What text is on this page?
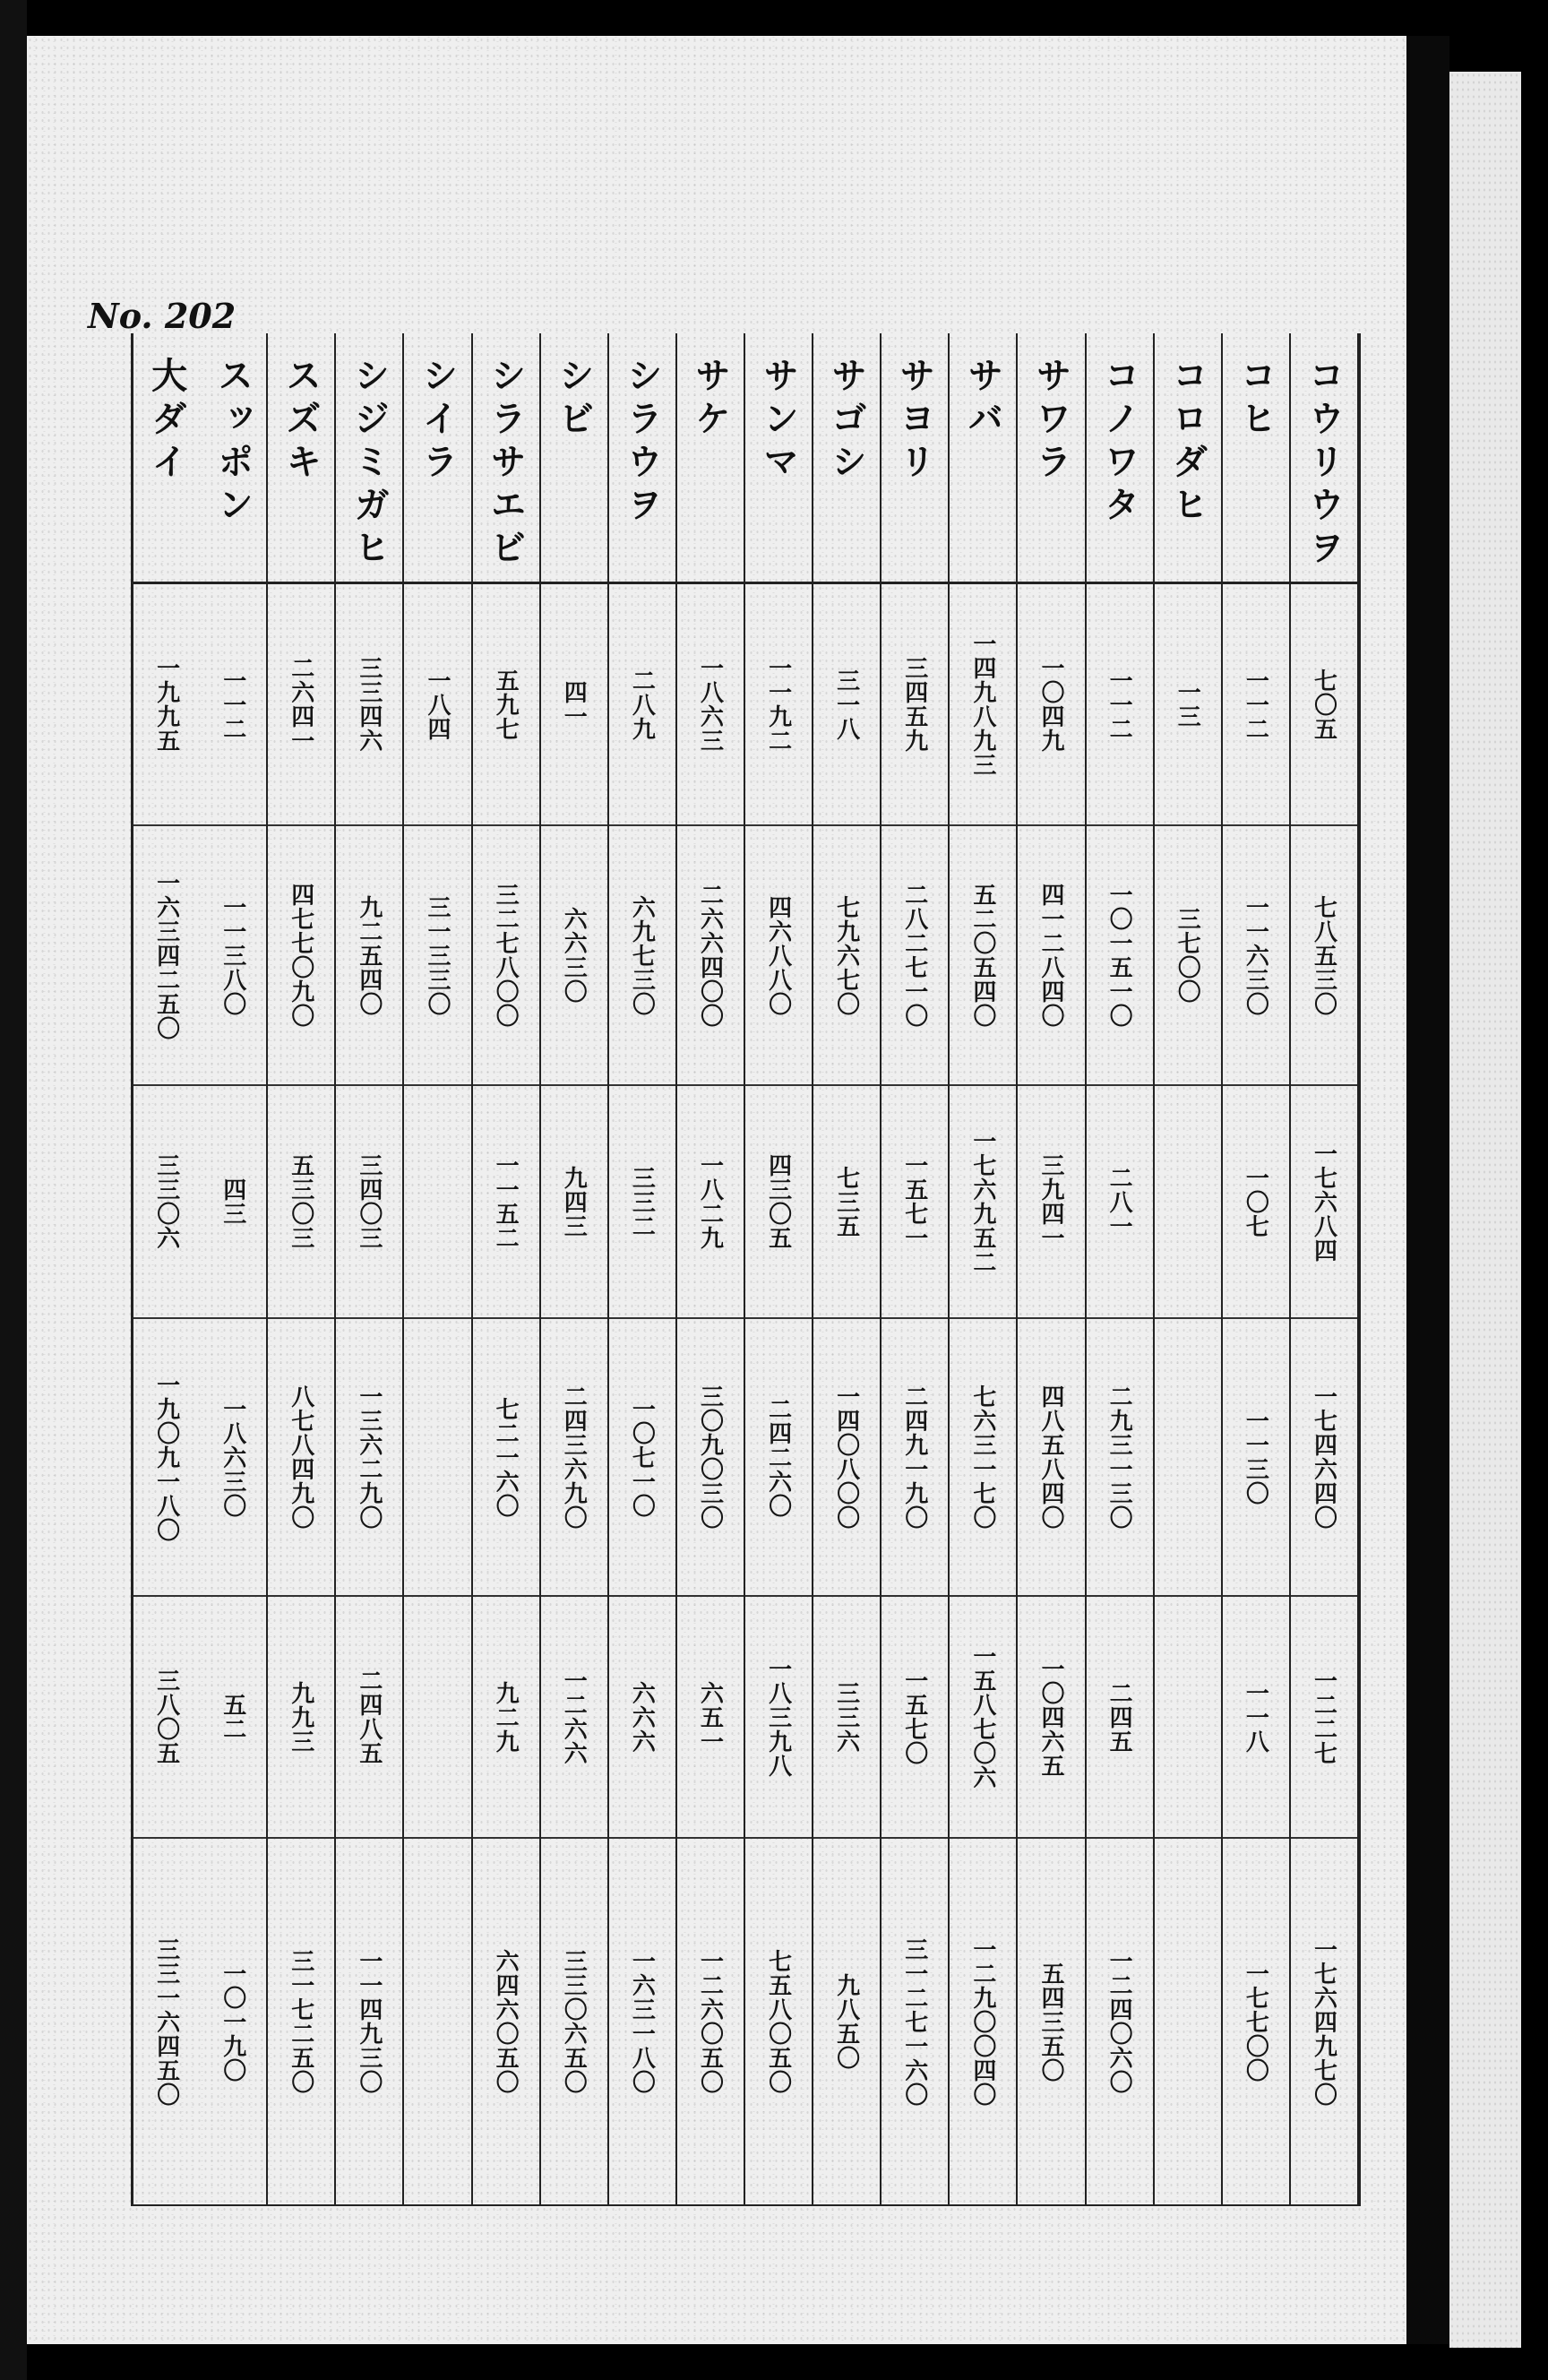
No. 202
コウリウヲ
七〇五
七八五三〇
一七六八四
一七四六四〇
一二二七
一七六四九七〇
コヒ
一一二
一一六三〇
一〇七
一一三〇
一一八
一七七〇〇
コロダヒ
一三
三七〇〇
コノワタ
一一二
一〇一五一〇
二八一
二九三一三〇
二四五
一二四〇六〇
サワラ
一〇四九
四一二八四〇
三九四一
四八五八四〇
一〇四六五
五四三五〇
サバ
一四九八九三
五二〇五四〇
一七六九五二
七六三一七〇
一五八七〇六
一二九〇〇四〇
サヨリ
三四五九
二八二七一〇
一五七一
二四九一九〇
一五七〇
三一二七一六〇
サゴシ
三一八
七九六七〇
七三五
一四〇八〇〇
三三六
九八五〇
サンマ
一一九二
四六八八〇
四三〇五
二四二六〇
一八三九八
七五八〇五〇
サケ
一八六三
二六六四〇〇
一八二九
三〇九〇三〇
六五一
一二六〇五〇
シラウヲ
二八九
六九七三〇
三三二
一〇七一〇
六六六
一六三一八〇
シビ
四一
六六三〇
九四三
二四三六九〇
一二六六
三三〇六五〇
シラサエビ
五九七
三二七八〇〇
一一五二
七二一六〇
九二九
六四六〇五〇
シイラ
一八四
三一三三〇
シジミガヒ
三三四六
九二五四〇
三四〇三
一三六二九〇
二四八五
一一四九三〇
スズキ
二六四一
四七七〇九〇
五三〇三
八七八四九〇
九九三
三一七二五〇
スッポン
一一二
一一三八〇
四三
一八六三〇
五二
一〇一九〇
大ダイ
一九九五
一六三四二五〇
三三〇六
一九〇九一八〇
三八〇五
三三一六四五〇
